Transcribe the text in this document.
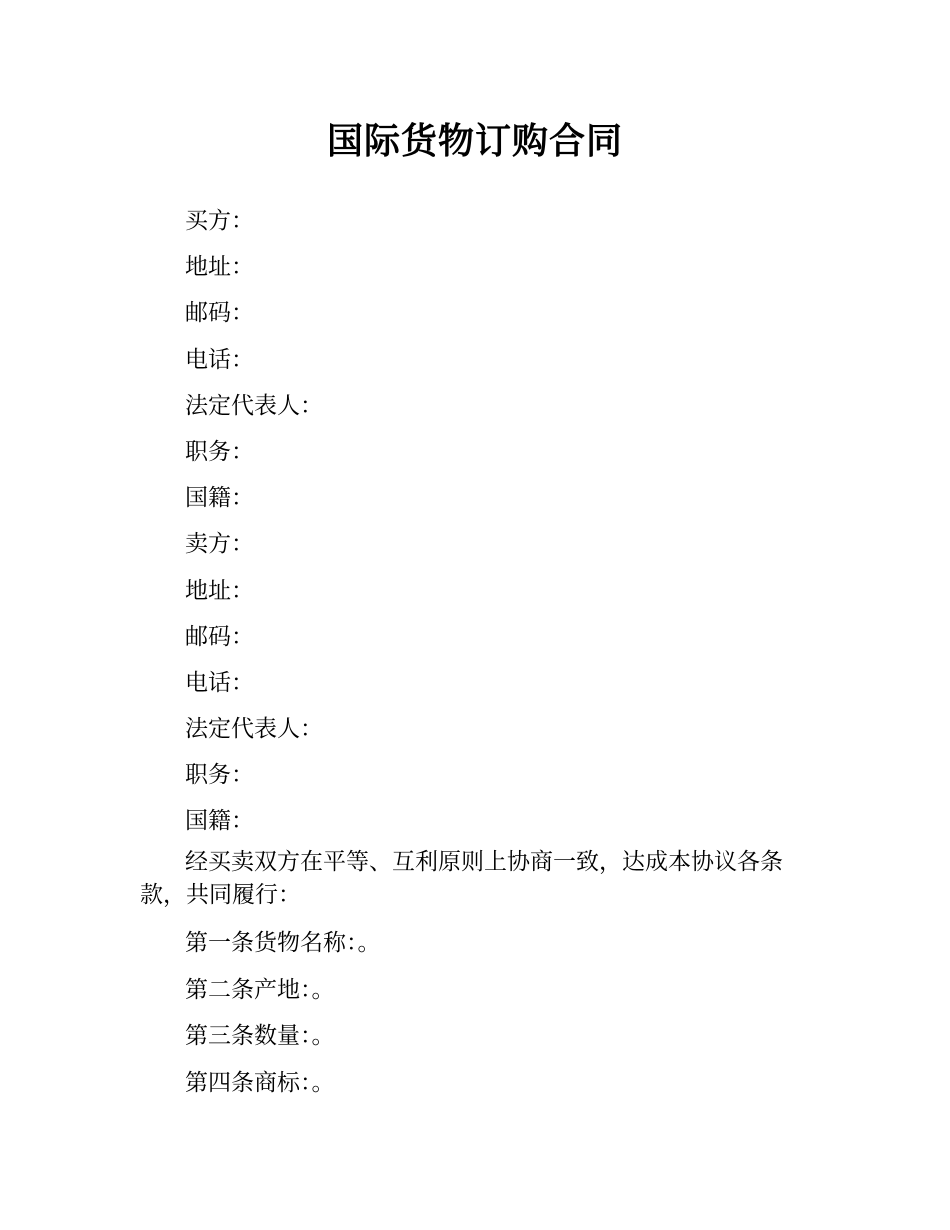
国际货物订购合同
买方：
地址：
邮码：
电话：
法定代表人：
职务：
国籍：
卖方：
地址：
邮码：
电话：
法定代表人：
职务：
国籍：

经买卖双方在平等、互利原则上协商一致，达成本协议各条款，共同履行：

第一条货物名称：。
第二条产地：。
第三条数量：。
第四条商标：。
